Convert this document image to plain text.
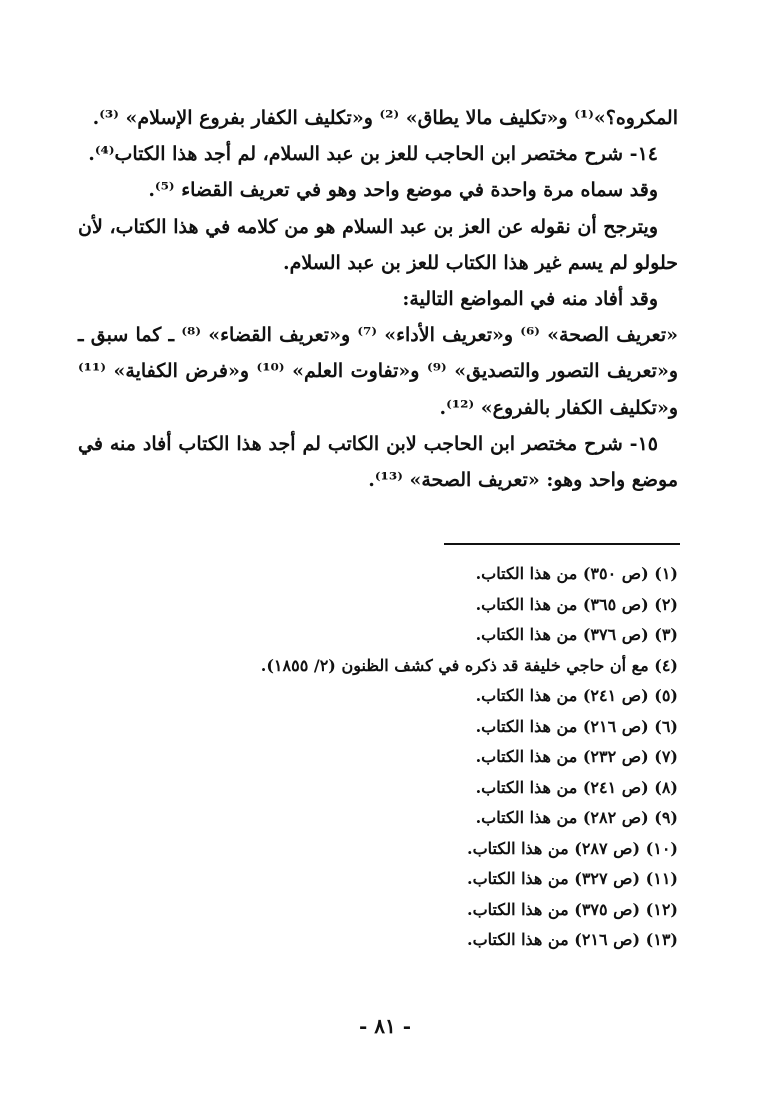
المكروه؟»⁽¹⁾ و«تكليف مالا يطاق» ⁽²⁾ و«تكليف الكفار بفروع الإسلام» ⁽³⁾.

١٤- شرح مختصر ابن الحاجب للعز بن عبد السلام، لم أجد هذا الكتاب⁽⁴⁾.

وقد سماه مرة واحدة في موضع واحد وهو في تعريف القضاء ⁽⁵⁾.

ويترجح أن نقوله عن العز بن عبد السلام هو من كلامه في هذا الكتاب، لأن حلولو لم يسم غير هذا الكتاب للعز بن عبد السلام.

وقد أفاد منه في المواضع التالية:

«تعريف الصحة» ⁽⁶⁾ و«تعريف الأداء» ⁽⁷⁾ و«تعريف القضاء» ⁽⁸⁾ ـ كما سبق ـ و«تعريف التصور والتصديق» ⁽⁹⁾ و«تفاوت العلم» ⁽¹⁰⁾ و«فرض الكفاية» ⁽¹¹⁾ و«تكليف الكفار بالفروع» ⁽¹²⁾.

١٥- شرح مختصر ابن الحاجب لابن الكاتب لم أجد هذا الكتاب أفاد منه في موضع واحد وهو: «تعريف الصحة» ⁽¹³⁾.

(١) (ص ٣٥٠) من هذا الكتاب.
(٢) (ص ٣٦٥) من هذا الكتاب.
(٣) (ص ٣٧٦) من هذا الكتاب.
(٤) مع أن حاجي خليفة قد ذكره في كشف الظنون (٢/ ١٨٥٥).
(٥) (ص ٢٤١) من هذا الكتاب.
(٦) (ص ٢١٦) من هذا الكتاب.
(٧) (ص ٢٣٢) من هذا الكتاب.
(٨) (ص ٢٤١) من هذا الكتاب.
(٩) (ص ٢٨٢) من هذا الكتاب.
(١٠) (ص ٢٨٧) من هذا الكتاب.
(١١) (ص ٣٢٧) من هذا الكتاب.
(١٢) (ص ٣٧٥) من هذا الكتاب.
(١٣) (ص ٢١٦) من هذا الكتاب.
- ٨١ -
